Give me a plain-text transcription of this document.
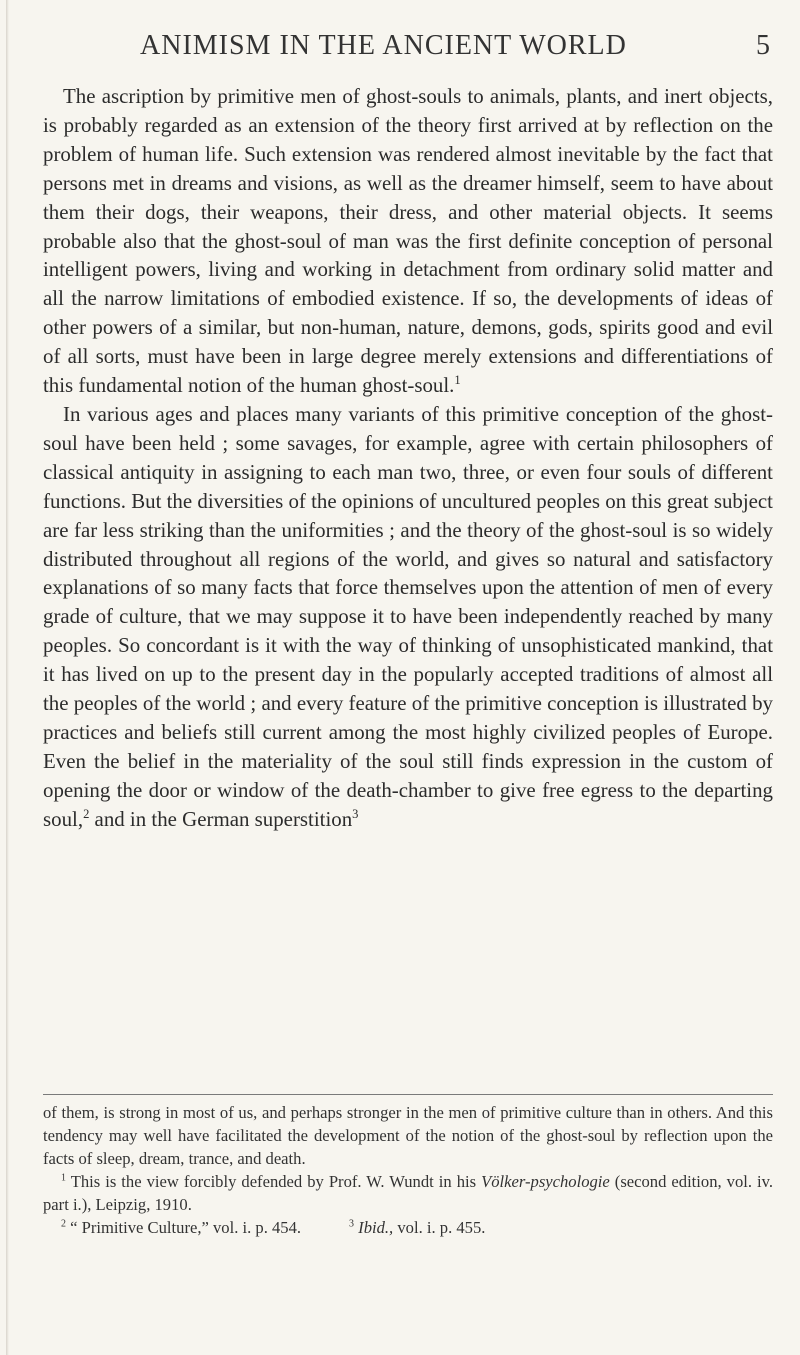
ANIMISM IN THE ANCIENT WORLD	5

The ascription by primitive men of ghost-souls to animals, plants, and inert objects, is probably regarded as an extension of the theory first arrived at by reflection on the problem of human life. Such extension was rendered almost inevitable by the fact that persons met in dreams and visions, as well as the dreamer himself, seem to have about them their dogs, their weapons, their dress, and other material objects. It seems probable also that the ghost-soul of man was the first definite conception of personal intelligent powers, living and working in detachment from ordinary solid matter and all the narrow limitations of embodied existence. If so, the developments of ideas of other powers of a similar, but non-human, nature, demons, gods, spirits good and evil of all sorts, must have been in large degree merely extensions and differentiations of this fundamental notion of the human ghost-soul.$^1$

In various ages and places many variants of this primitive conception of the ghost-soul have been held ; some savages, for example, agree with certain philosophers of classical antiquity in assigning to each man two, three, or even four souls of different functions. But the diversities of the opinions of uncultured peoples on this great subject are far less striking than the uniformities ; and the theory of the ghost-soul is so widely distributed throughout all regions of the world, and gives so natural and satisfactory explanations of so many facts that force themselves upon the attention of men of every grade of culture, that we may suppose it to have been independently reached by many peoples. So concordant is it with the way of thinking of unsophisticated mankind, that it has lived on up to the present day in the popularly accepted traditions of almost all the peoples of the world ; and every feature of the primitive conception is illustrated by practices and beliefs still current among the most highly civilized peoples of Europe. Even the belief in the materiality of the soul still finds expression in the custom of opening the door or window of the death-chamber to give free egress to the departing soul,$^2$ and in the German superstition$^3$

of them, is strong in most of us, and perhaps stronger in the men of primitive culture than in others. And this tendency may well have facilitated the development of the notion of the ghost-soul by reflection upon the facts of sleep, dream, trance, and death.

$^1$ This is the view forcibly defended by Prof. W. Wundt in his Völker-psychologie (second edition, vol. iv. part i.), Leipzig, 1910.

$^2$ “ Primitive Culture,” vol. i. p. 454.	$^3$ Ibid., vol. i. p. 455.
